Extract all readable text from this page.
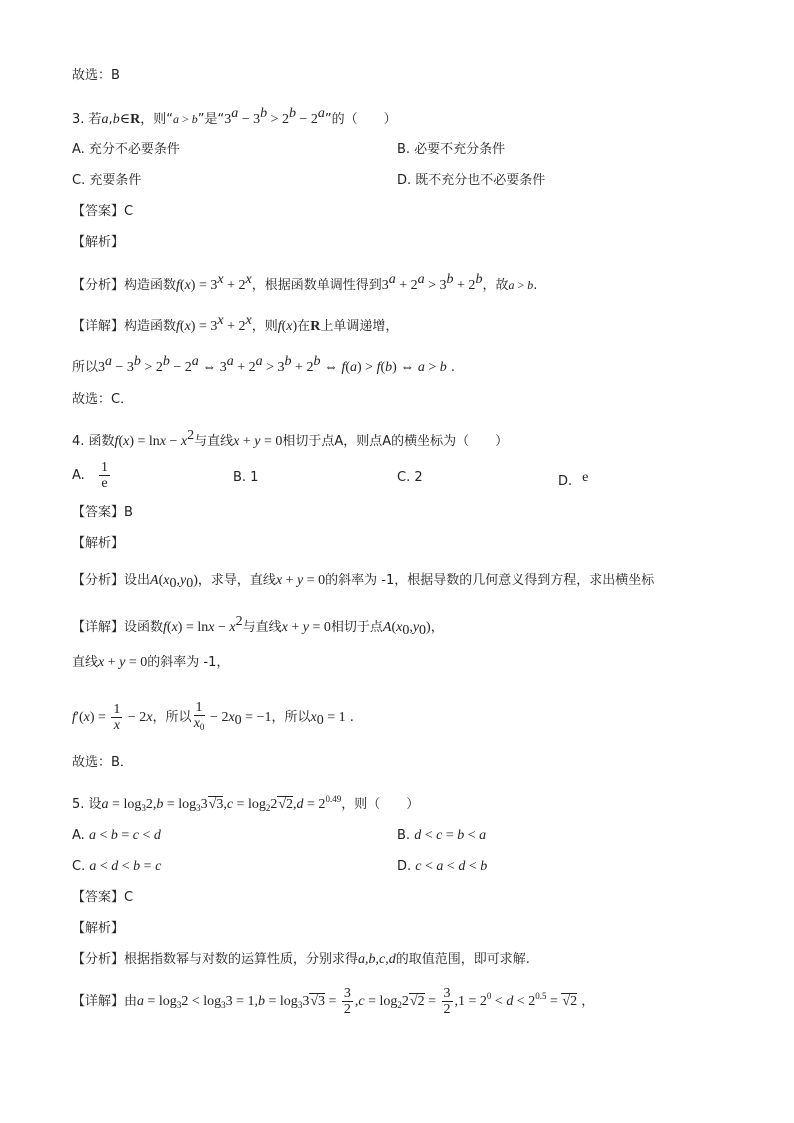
故选：B
3. 若a,b∈R，则“a > b”是“$3^a - 3^b > 2^b - 2^a$”的（　　）
A. 充分不必要条件	B. 必要不充分条件
C. 充要条件	D. 既不充分也不必要条件
【答案】C
【解析】
【分析】构造函数$f(x) = 3^x + 2^x$，根据函数单调性得到$3^a + 2^a > 3^b + 2^b$，故a > b.
【详解】构造函数$f(x) = 3^x + 2^x$，则f(x)在R上单调递增，
所以$3^a - 3^b > 2^b - 2^a$ ⇔ $3^a + 2^a > 3^b + 2^b$ ⇔ f(a) > f(b) ⇔ a > b .
故选：C．
4. 函数$f(x) = \ln x - x^2$与直线x + y = 0相切于点A，则点A的横坐标为（　　）
A. $\frac{1}{e}$	B. 1	C. 2	D. e
【答案】B
【解析】
【分析】设出$A(x_0,y_0)$，求导，直线x + y = 0的斜率为 -1，根据导数的几何意义得到方程，求出横坐标
【详解】设函数$f(x) = \ln x - x^2$与直线x + y = 0相切于点$A(x_0,y_0)$，
直线x + y = 0的斜率为 -1，
$f'(x) = \frac{1}{x} - 2x$，所以 $\frac{1}{x_0} - 2x_0 = -1$，所以$x_0 = 1$ .
故选：B．
5. 设$a = \log_32,b = \log_33√3,c = \log_22√2,d = 2^{0.49}$，则（　　）
A. a < b = c < d	B. d < c = b < a
C. a < d < b = c	D. c < a < d < b
【答案】C
【解析】
【分析】根据指数幂与对数的运算性质，分别求得a,b,c,d的取值范围，即可求解.
【详解】由$a = \log_32 < \log_33 = 1,b = \log_33√3 = \frac{3}{2} ,c = \log_22√2 = \frac{3}{2} ,1 = 2^0 < d < 2^{0.5} = √2$ ，
